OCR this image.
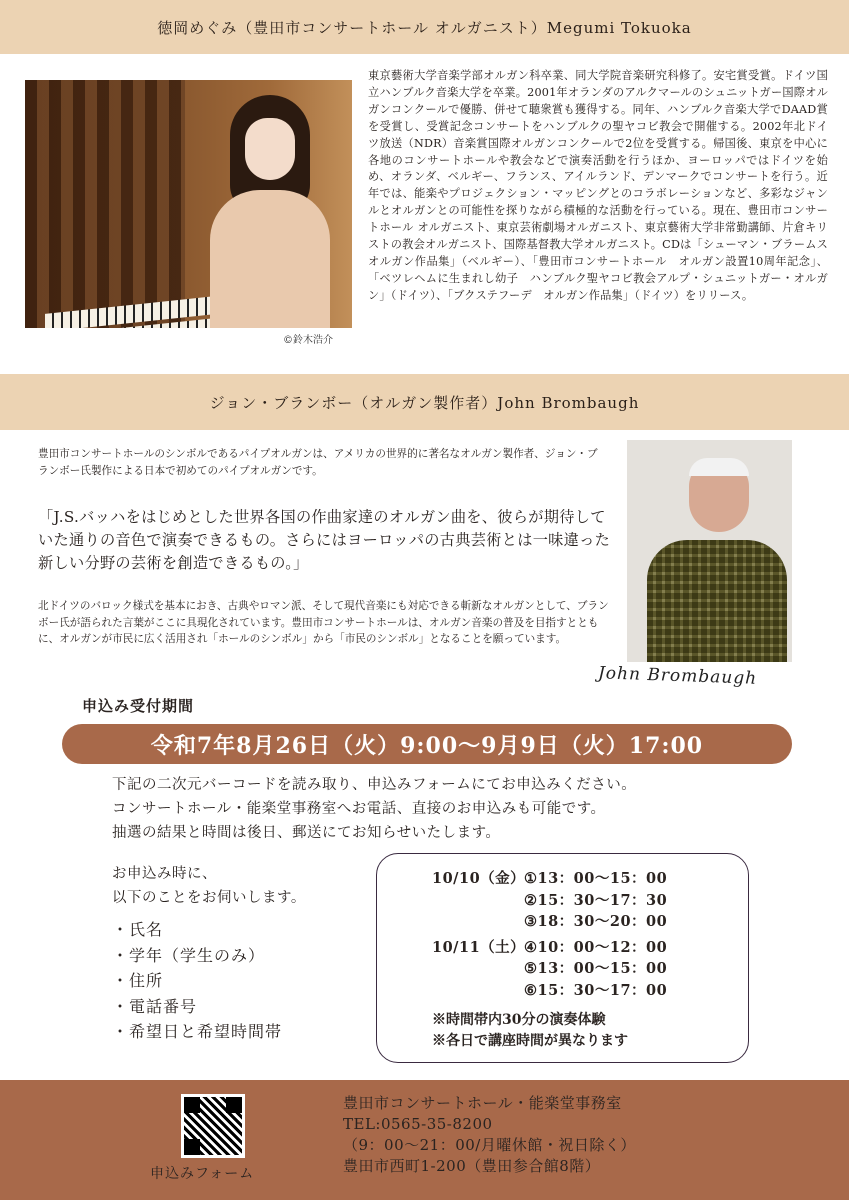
徳岡めぐみ（豊田市コンサートホール オルガニスト）Megumi Tokuoka
©鈴木浩介
東京藝術大学音楽学部オルガン科卒業、同大学院音楽研究科修了。安宅賞受賞。ドイツ国立ハンブルク音楽大学を卒業。2001年オランダのアルクマールのシュニットガー国際オルガンコンクールで優勝、併せて聴衆賞も獲得する。同年、ハンブルク音楽大学でDAAD賞を受賞し、受賞記念コンサートをハンブルクの聖ヤコビ教会で開催する。2002年北ドイツ放送（NDR）音楽賞国際オルガンコンクールで2位を受賞する。帰国後、東京を中心に各地のコンサートホールや教会などで演奏活動を行うほか、ヨーロッパではドイツを始め、オランダ、ベルギー、フランス、アイルランド、デンマークでコンサートを行う。近年では、能楽やプロジェクション・マッピングとのコラボレーションなど、多彩なジャンルとオルガンとの可能性を探りながら積極的な活動を行っている。現在、豊田市コンサートホール オルガニスト、東京芸術劇場オルガニスト、東京藝術大学非常勤講師、片倉キリストの教会オルガニスト、国際基督教大学オルガニスト。CDは「シューマン・ブラームス　オルガン作品集」（ベルギー）、「豊田市コンサートホール　オルガン設置10周年記念」、「ベツレヘムに生まれし幼子　ハンブルク聖ヤコビ教会アルプ・シュニットガー・オルガン」（ドイツ）、「ブクステフーデ　オルガン作品集」（ドイツ）をリリース。
ジョン・ブランボー（オルガン製作者）John Brombaugh
豊田市コンサートホールのシンボルであるパイプオルガンは、アメリカの世界的に著名なオルガン製作者、ジョン・ブランボー氏製作による日本で初めてのパイプオルガンです。
「J.S.バッハをはじめとした世界各国の作曲家達のオルガン曲を、彼らが期待していた通りの音色で演奏できるもの。さらにはヨーロッパの古典芸術とは一味違った新しい分野の芸術を創造できるもの。」
北ドイツのバロック様式を基本におき、古典やロマン派、そして現代音楽にも対応できる斬新なオルガンとして、ブランボー氏が語られた言葉がここに具現化されています。豊田市コンサートホールは、オルガン音楽の普及を目指すとともに、オルガンが市民に広く活用され「ホールのシンボル」から「市民のシンボル」となることを願っています。
John Brombaugh
申込み受付期間
令和7年8月26日（火）9:00～9月9日（火）17:00
下記の二次元バーコードを読み取り、申込みフォームにてお申込みください。
コンサートホール・能楽堂事務室へお電話、直接のお申込みも可能です。
抽選の結果と時間は後日、郵送にてお知らせいたします。
お申込み時に、
以下のことをお伺いします。
・氏名
・学年（学生のみ）
・住所
・電話番号
・希望日と希望時間帯
10/10（金）
①13：00～15：00
②15：30～17：30
③18：30～20：00
10/11（土）
④10：00～12：00
⑤13：00～15：00
⑥15：30～17：00
※時間帯内30分の演奏体験
※各日で講座時間が異なります
申込みフォーム
豊田市コンサートホール・能楽堂事務室
TEL:0565-35-8200
（9：00～21：00/月曜休館・祝日除く）
豊田市西町1-200（豊田参合館8階）
